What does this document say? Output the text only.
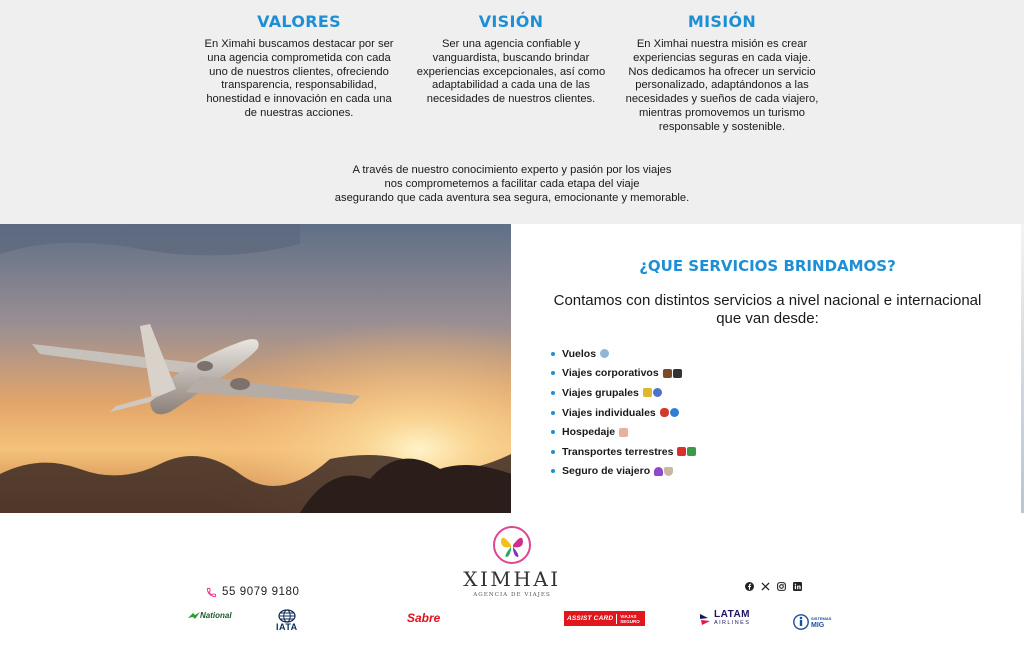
VALORES

En Ximahi buscamos destacar por ser una agencia comprometida con cada uno de nuestros clientes, ofreciendo transparencia, responsabilidad, honestidad e innovación en cada una de nuestras acciones.

VISIÓN

Ser una agencia confiable y vanguardista, buscando brindar experiencias excepcionales, así como adaptabilidad a cada una de las necesidades de nuestros clientes.

MISIÓN

En Ximhai nuestra misión es crear experiencias seguras en cada viaje. Nos dedicamos ha ofrecer un servicio personalizado, adaptándonos a las necesidades y sueños de cada viajero, mientras promovemos un turismo responsable y sostenible.

A través de nuestro conocimiento experto y pasión por los viajes
nos comprometemos a facilitar cada etapa del viaje
asegurando que cada aventura sea segura, emocionante y memorable.
¿QUE SERVICIOS BRINDAMOS?
Contamos con distintos servicios a nivel nacional e internacional que van desde:
Vuelos
Viajes corporativos
Viajes grupales
Viajes individuales
Hospedaje
Transportes terrestres
Seguro de viajero
55 9079 9180
XIMHAI
AGENCIA DE VIAJES
National
IATA
Sabre	ASSIST CARD VIAJAS SEGURO
LATAM
AIRLINES
SISTEMAS
MIG
